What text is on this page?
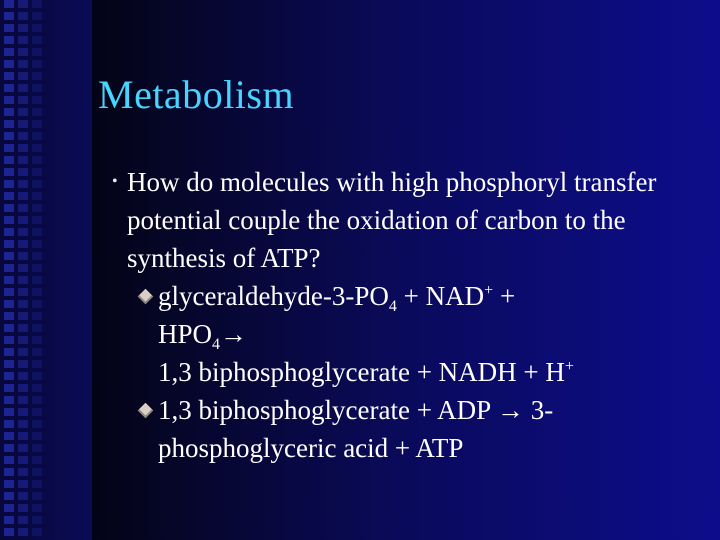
Metabolism
• How do molecules with high phosphoryl transfer potential couple the oxidation of carbon to the synthesis of ATP?
glyceraldehyde-$3-PO_4 + NAD^+$ +
$HPO_4\to$
1,3 biphosphoglycerate + NADH + H+
1,3 biphosphoglycerate + ADP → 3-phosphoglyceric acid + ATP
